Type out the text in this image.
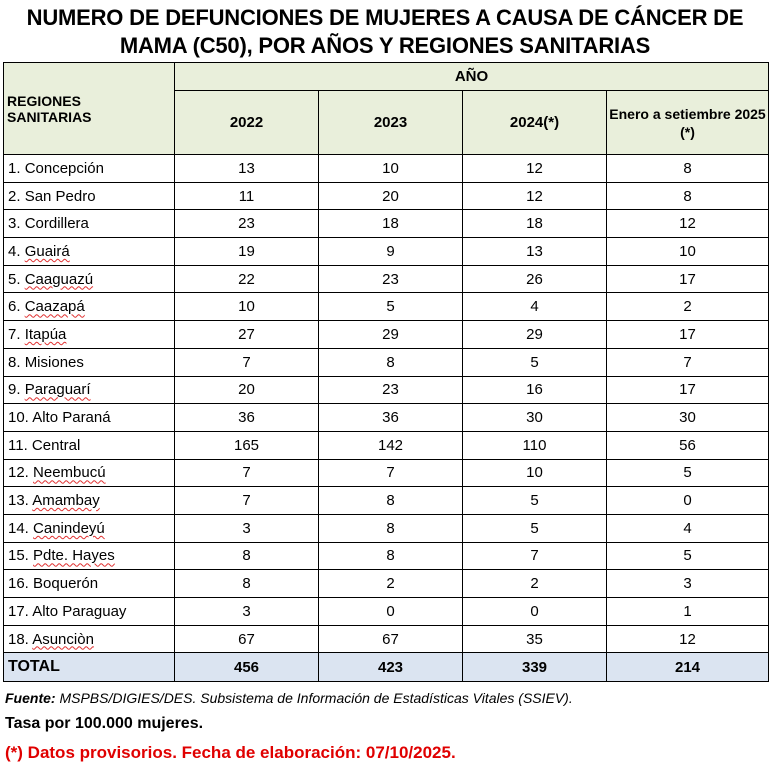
NUMERO DE DEFUNCIONES DE MUJERES A CAUSA DE CÁNCER DE
MAMA (C50), POR AÑOS Y REGIONES SANITARIAS
REGIONES
SANITARIAS	AÑO			
	2022	2023	2024(*)	Enero a setiembre 2025 (*)
1. Concepción	13	10	12	8
2. San Pedro	11	20	12	8
3. Cordillera	23	18	18	12
4. Guairá	19	9	13	10
5. Caaguazú	22	23	26	17
6. Caazapá	10	5	4	2
7. Itapúa	27	29	29	17
8. Misiones	7	8	5	7
9. Paraguarí	20	23	16	17
10. Alto Paraná	36	36	30	30
11. Central	165	142	110	56
12. Neembucú	7	7	10	5
13. Amambay	7	8	5	0
14. Canindeyú	3	8	5	4
15. Pdte. Hayes	8	8	7	5
16. Boquerón	8	2	2	3
17. Alto Paraguay	3	0	0	1
18. Asunciòn	67	67	35	12
TOTAL	456	423	339	214
Fuente: MSPBS/DIGIES/DES. Subsistema de Información de Estadísticas Vitales (SSIEV).
Tasa por 100.000 mujeres.
(*) Datos provisorios. Fecha de elaboración: 07/10/2025.
